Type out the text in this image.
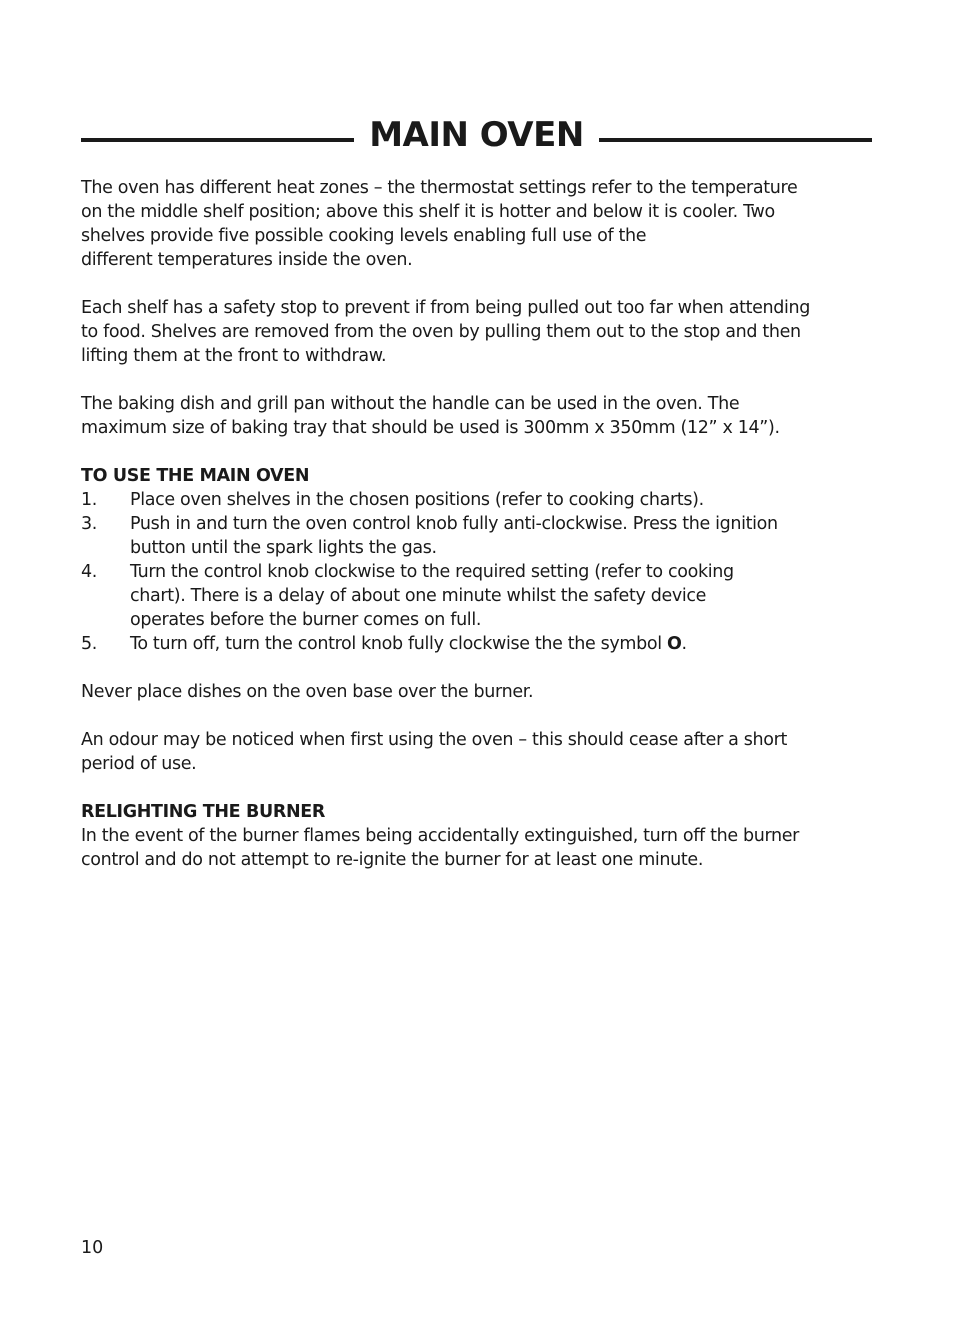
MAIN OVEN

The oven has different heat zones – the thermostat settings refer to the temperature
on the middle shelf position; above this shelf it is hotter and below it is cooler. Two
shelves provide five possible cooking levels enabling full use of the
different temperatures inside the oven.

Each shelf has a safety stop to prevent if from being pulled out too far when attending
to food. Shelves are removed from the oven by pulling them out to the stop and then
lifting them at the front to withdraw.

The baking dish and grill pan without the handle can be used in the oven. The
maximum size of baking tray that should be used is 300mm x 350mm (12” x 14”).

TO USE THE MAIN OVEN
1.	Place oven shelves in the chosen positions (refer to cooking charts).
3.	Push in and turn the oven control knob fully anti-clockwise. Press the ignition
button until the spark lights the gas.
4.	Turn the control knob clockwise to the required setting (refer to cooking
chart). There is a delay of about one minute whilst the safety device
operates before the burner comes on full.
5.	To turn off, turn the control knob fully clockwise the the symbol O.

Never place dishes on the oven base over the burner.

An odour may be noticed when first using the oven – this should cease after a short
period of use.

RELIGHTING THE BURNER

In the event of the burner flames being accidentally extinguished, turn off the burner
control and do not attempt to re-ignite the burner for at least one minute.

10
